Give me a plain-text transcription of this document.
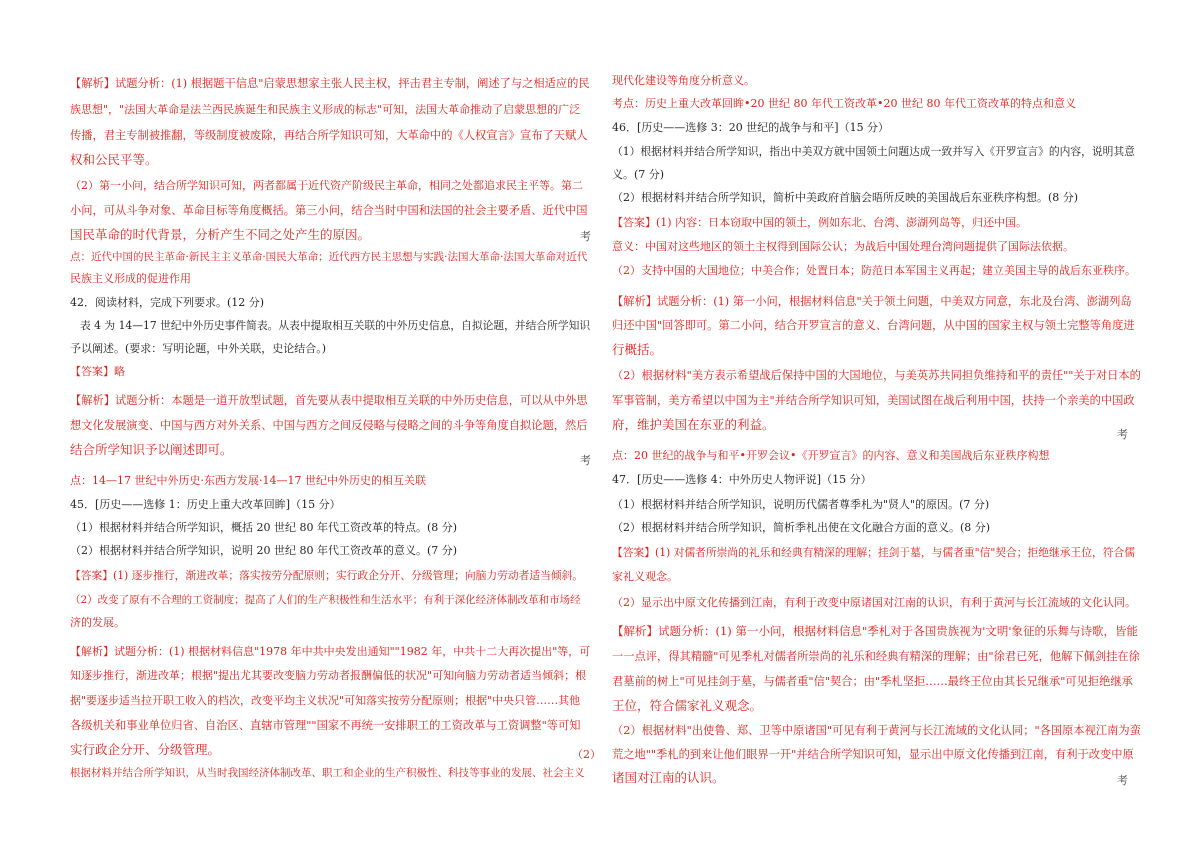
【解析】试题分析：(1) 根据题干信息"启蒙思想家主张人民主权，抨击君主专制，阐述了与之相适应的民

族思想"，"法国大革命是法兰西民族诞生和民族主义形成的标志"可知，法国大革命推动了启蒙思想的广泛

传播，君主专制被推翻，等级制度被废除，再结合所学知识可知，大革命中的《人权宣言》宣布了天赋人

权和公民平等。

（2）第一小问，结合所学知识可知，两者都属于近代资产阶级民主革命，相同之处都追求民主平等。第二

小问，可从斗争对象、革命目标等角度概括。第三小问，结合当时中国和法国的社会主要矛盾、近代中国

国民革命的时代背景，分析产生不同之处产生的原因。

点：近代中国的民主革命·新民主主义革命·国民大革命；近代西方民主思想与实践·法国大革命·法国大革命对近代

民族主义形成的促进作用

42．阅读材料，完成下列要求。(12 分)

表 4 为 14—17 世纪中外历史事件简表。从表中提取相互关联的中外历史信息，自拟论题，并结合所学知识

予以阐述。(要求：写明论题，中外关联，史论结合。)

【答案】略

【解析】试题分析：本题是一道开放型试题，首先要从表中提取相互关联的中外历史信息，可以从中外思

想文化发展演变、中国与西方对外关系、中国与西方之间反侵略与侵略之间的斗争等角度自拟论题，然后

结合所学知识予以阐述即可。

点：14—17 世纪中外历史·东西方发展·14—17 世纪中外历史的相互关联

45．[历史——选修 1：历史上重大改革回眸]（15 分）

（1）根据材料并结合所学知识，概括 20 世纪 80 年代工资改革的特点。(8 分)

（2）根据材料并结合所学知识，说明 20 世纪 80 年代工资改革的意义。(7 分)

【答案】(1) 逐步推行，渐进改革；落实按劳分配原则；实行政企分开、分级管理；向脑力劳动者适当倾斜。

（2）改变了原有不合理的工资制度；提高了人们的生产积极性和生活水平；有利于深化经济体制改革和市场经

济的发展。

【解析】试题分析：(1) 根据材料信息"1978 年中共中央发出通知""1982 年，中共十二大再次提出"等，可

知逐步推行，渐进改革；根据"提出尤其要改变脑力劳动者报酬偏低的状况"可知向脑力劳动者适当倾斜；根

据"要逐步适当拉开职工收入的档次，改变平均主义状况"可知落实按劳分配原则；根据"中央只管……其他

各级机关和事业单位归省、自治区、直辖市管理""国家不再统一安排职工的工资改革与工资调整"等可知

实行政企分开、分级管理。

根据材料并结合所学知识，从当时我国经济体制改革、职工和企业的生产积极性、科技等事业的发展、社会主义

考
考
（2）

现代化建设等角度分析意义。

考点：历史上重大改革回眸•20 世纪 80 年代工资改革•20 世纪 80 年代工资改革的特点和意义

46．[历史——选修 3：20 世纪的战争与和平]（15 分）

（1）根据材料并结合所学知识，指出中美双方就中国领土问题达成一致并写入《开罗宣言》的内容，说明其意

义。(7 分)

（2）根据材料并结合所学知识，简析中美政府首脑会晤所反映的美国战后东亚秩序构想。(8 分)

【答案】(1) 内容：日本窃取中国的领土，例如东北、台湾、澎湖列岛等，归还中国。

意义：中国对这些地区的领土主权得到国际公认；为战后中国处理台湾问题提供了国际法依据。

（2）支持中国的大国地位；中美合作；处置日本；防范日本军国主义再起；建立美国主导的战后东亚秩序。

【解析】试题分析：(1) 第一小问，根据材料信息"关于领土问题，中美双方同意，东北及台湾、澎湖列岛

归还中国"回答即可。第二小问，结合开罗宣言的意义、台湾问题，从中国的国家主权与领土完整等角度进

行概括。

（2）根据材料"美方表示希望战后保持中国的大国地位，与美英苏共同担负维持和平的责任""关于对日本的

军事管制，美方希望以中国为主"并结合所学知识可知，美国试图在战后利用中国，扶持一个亲美的中国政

府，维护美国在东亚的利益。

点：20 世纪的战争与和平•开罗会议•《开罗宣言》的内容、意义和美国战后东亚秩序构想

47．[历史——选修 4：中外历史人物评说]（15 分）

（1）根据材料并结合所学知识，说明历代儒者尊季札为"贤人"的原因。(7 分)

（2）根据材料并结合所学知识，简析季札出使在文化融合方面的意义。(8 分)

【答案】(1) 对儒者所崇尚的礼乐和经典有精深的理解；挂剑于墓，与儒者重"信"契合；拒绝继承王位，符合儒

家礼义观念。

（2）显示出中原文化传播到江南，有利于改变中原诸国对江南的认识，有利于黄河与长江流域的文化认同。

【解析】试题分析：(1) 第一小问，根据材料信息"季札对于各国贵族视为'文明'象征的乐舞与诗歌，皆能

一一点评，得其精髓"可见季札对儒者所崇尚的礼乐和经典有精深的理解；由"徐君已死，他解下佩剑挂在徐

君墓前的树上"可见挂剑于墓，与儒者重"信"契合；由"季札坚拒……最终王位由其长兄继承"可见拒绝继承

王位，符合儒家礼义观念。

（2）根据材料"出使鲁、郑、卫等中原诸国"可见有利于黄河与长江流域的文化认同；"各国原本视江南为蛮

荒之地""季札的到来让他们眼界一开"并结合所学知识可知，显示出中原文化传播到江南，有利于改变中原

诸国对江南的认识。

考
考
